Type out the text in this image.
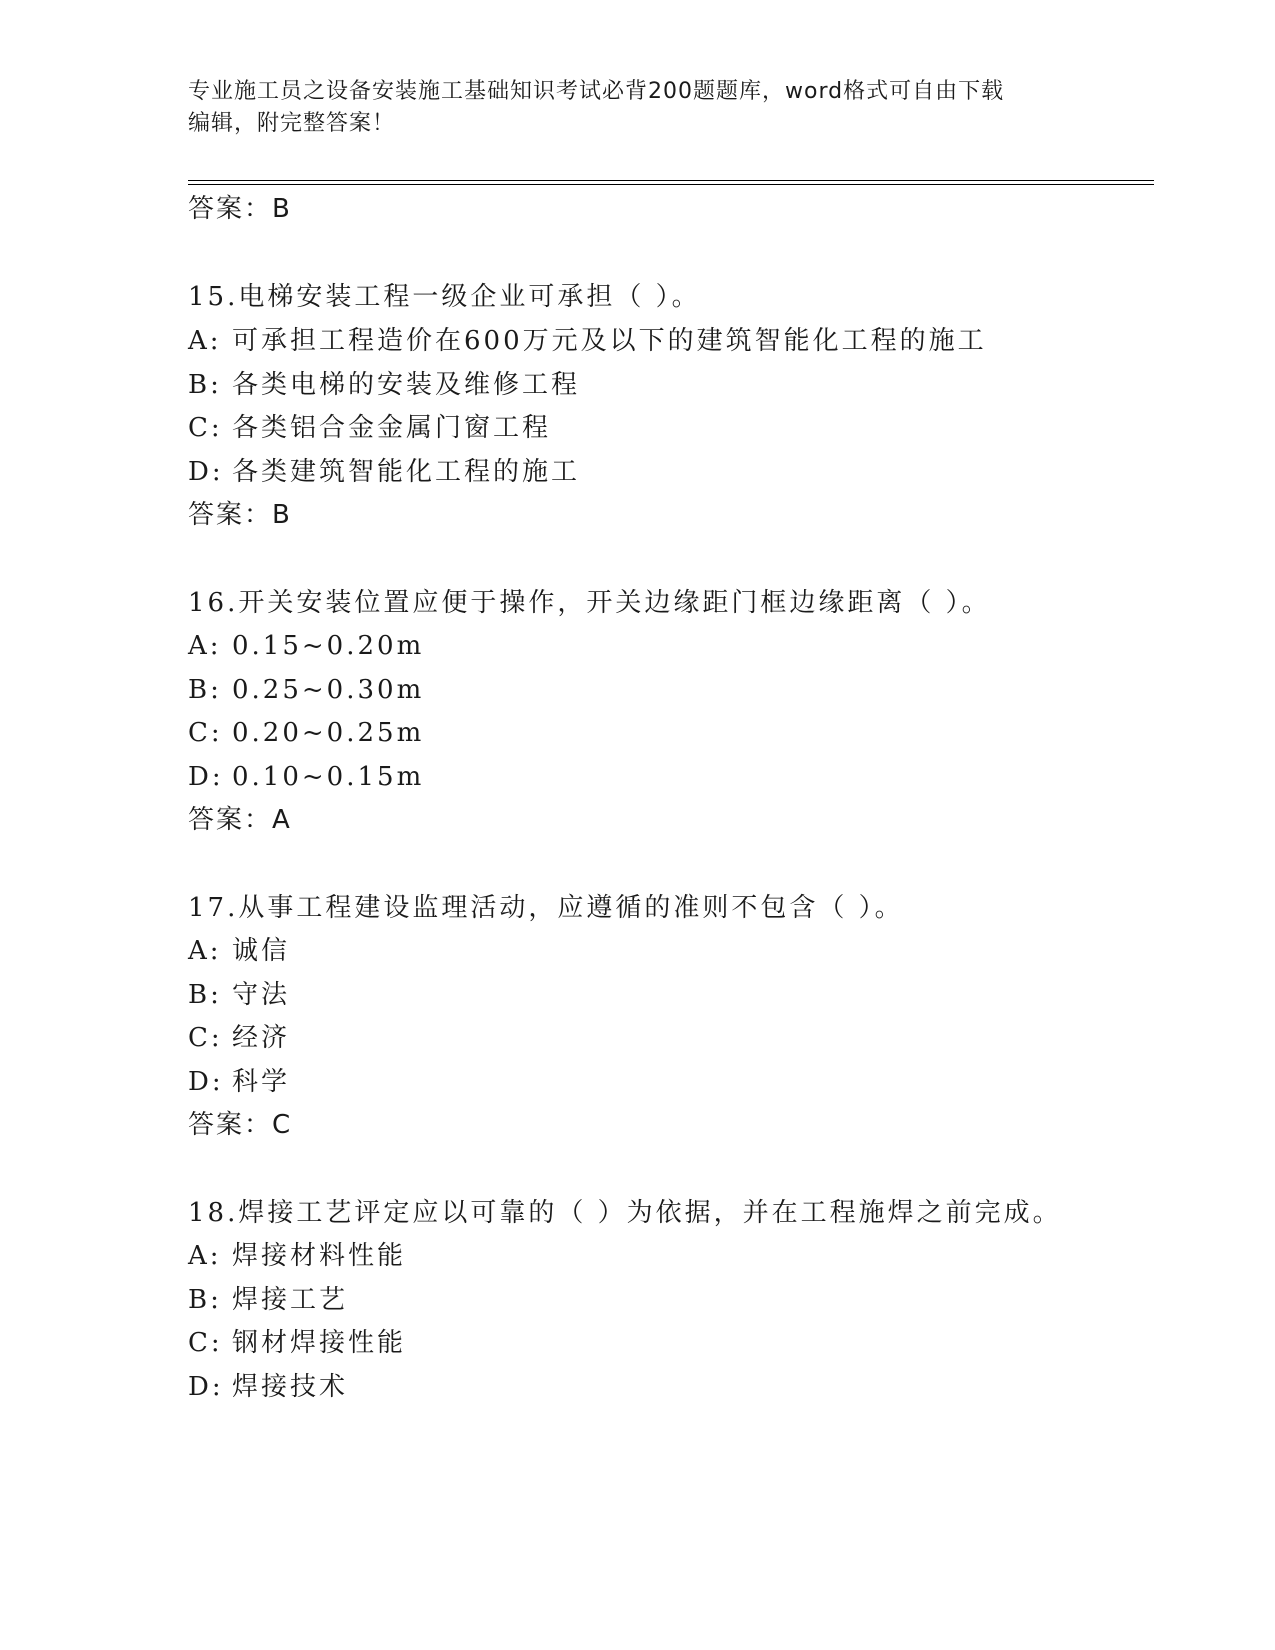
专业施工员之设备安装施工基础知识考试必背200题题库，word格式可自由下载
编辑，附完整答案！
答案：B
15.电梯安装工程一级企业可承担（ ）。
A: 可承担工程造价在600万元及以下的建筑智能化工程的施工
B: 各类电梯的安装及维修工程
C: 各类铝合金金属门窗工程
D: 各类建筑智能化工程的施工
答案：B
16.开关安装位置应便于操作，开关边缘距门框边缘距离（ ）。
A: 0.15~0.20m
B: 0.25~0.30m
C: 0.20~0.25m
D: 0.10~0.15m
答案：A
17.从事工程建设监理活动，应遵循的准则不包含（ ）。
A: 诚信
B: 守法
C: 经济
D: 科学
答案：C
18.焊接工艺评定应以可靠的（ ）为依据，并在工程施焊之前完成。
A: 焊接材料性能
B: 焊接工艺
C: 钢材焊接性能
D: 焊接技术
